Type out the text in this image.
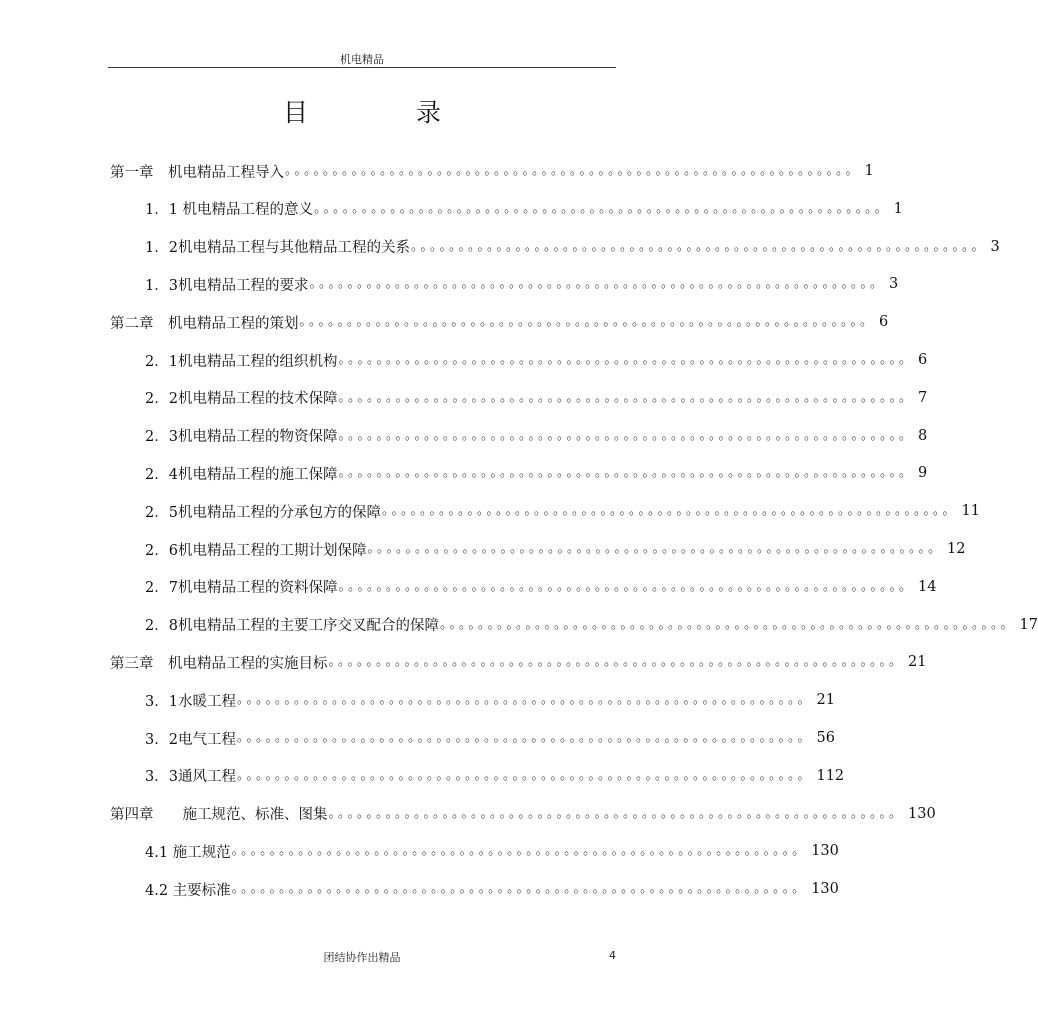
机电精品
目 录
第一章　机电精品工程导入 。。。。。。。。。。。。。。。。。。。。。。。。。。。。。。。。。。。。。。。。。。。。。。。。。。。。。。。。。。。。 1
1．1 机电精品工程的意义 。。。。。。。。。。。。。。。。。。。。。。。。。。。。。。。。。。。。。。。。。。。。。。。。。。。。。。。。。。。。 1
1．2机电精品工程与其他精品工程的关系 。。。。。。。。。。。。。。。。。。。。。。。。。。。。。。。。。。。。。。。。。。。。。。。。。。。。。。。。。。。。 3
1．3机电精品工程的要求 。。。。。。。。。。。。。。。。。。。。。。。。。。。。。。。。。。。。。。。。。。。。。。。。。。。。。。。。。。。。 3
第二章　机电精品工程的策划 。。。。。。。。。。。。。。。。。。。。。。。。。。。。。。。。。。。。。。。。。。。。。。。。。。。。。。。。。。。。 6
2．1机电精品工程的组织机构 。。。。。。。。。。。。。。。。。。。。。。。。。。。。。。。。。。。。。。。。。。。。。。。。。。。。。。。。。。。。 6
2．2机电精品工程的技术保障 。。。。。。。。。。。。。。。。。。。。。。。。。。。。。。。。。。。。。。。。。。。。。。。。。。。。。。。。。。。。 7
2．3机电精品工程的物资保障 。。。。。。。。。。。。。。。。。。。。。。。。。。。。。。。。。。。。。。。。。。。。。。。。。。。。。。。。。。。。 8
2．4机电精品工程的施工保障 。。。。。。。。。。。。。。。。。。。。。。。。。。。。。。。。。。。。。。。。。。。。。。。。。。。。。。。。。。。。 9
2．5机电精品工程的分承包方的保障 。。。。。。。。。。。。。。。。。。。。。。。。。。。。。。。。。。。。。。。。。。。。。。。。。。。。。。。。。。。。 11
2．6机电精品工程的工期计划保障 。。。。。。。。。。。。。。。。。。。。。。。。。。。。。。。。。。。。。。。。。。。。。。。。。。。。。。。。。。。。 12
2．7机电精品工程的资料保障 。。。。。。。。。。。。。。。。。。。。。。。。。。。。。。。。。。。。。。。。。。。。。。。。。。。。。。。。。。。。 14
2．8机电精品工程的主要工序交叉配合的保障 。。。。。。。。。。。。。。。。。。。。。。。。。。。。。。。。。。。。。。。。。。。。。。。。。。。。。。。。。。。。 17
第三章　机电精品工程的实施目标 。。。。。。。。。。。。。。。。。。。。。。。。。。。。。。。。。。。。。。。。。。。。。。。。。。。。。。。。。。。。 21
3．1水暖工程 。。。。。。。。。。。。。。。。。。。。。。。。。。。。。。。。。。。。。。。。。。。。。。。。。。。。。。。。。。。。 21
3．2电气工程 。。。。。。。。。。。。。。。。。。。。。。。。。。。。。。。。。。。。。。。。。。。。。。。。。。。。。。。。。。。。 56
3．3通风工程 。。。。。。。。。。。。。。。。。。。。。。。。。。。。。。。。。。。。。。。。。。。。。。。。。。。。。。。。。。。。 112
第四章　　施工规范、标准、图集 。。。。。。。。。。。。。。。。。。。。。。。。。。。。。。。。。。。。。。。。。。。。。。。。。。。。。。。。。。。。 130
4.1 施工规范 。。。。。。。。。。。。。。。。。。。。。。。。。。。。。。。。。。。。。。。。。。。。。。。。。。。。。。。。。。。。 130
4.2 主要标准 。。。。。。。。。。。。。。。。。。。。。。。。。。。。。。。。。。。。。。。。。。。。。。。。。。。。。。。。。。。。 130
团结协作出精品	4
